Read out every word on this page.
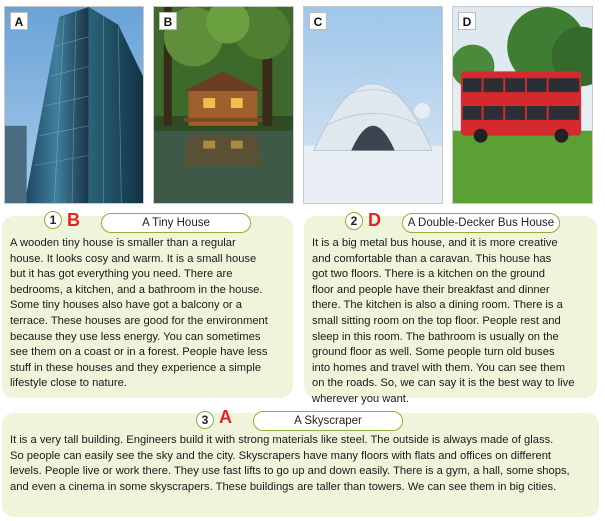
A	B	C	D
1 B	A Tiny House
A wooden tiny house is smaller than a regular
house. It looks cosy and warm. It is a small house
but it has got everything you need. There are
bedrooms, a kitchen, and a bathroom in the house.
Some tiny houses also have got a balcony or a
terrace. These houses are good for the environment
because they use less energy. You can sometimes
see them on a coast or in a forest. People have less
stuff in these houses and they experience a simple
lifestyle close to nature.
2 D	A Double-Decker Bus House
It is a big metal bus house, and it is more creative
and comfortable than a caravan. This house has
got two floors. There is a kitchen on the ground
floor and people have their breakfast and dinner
there. The kitchen is also a dining room. There is a
small sitting room on the top floor. People rest and
sleep in this room. The bathroom is usually on the
ground floor as well. Some people turn old buses
into homes and travel with them. You can see them
on the roads. So, we can say it is the best way to live
wherever you want.
3 A	A Skyscraper
It is a very tall building. Engineers build it with strong materials like steel. The outside is always made of glass.
So people can easily see the sky and the city. Skyscrapers have many floors with flats and offices on different
levels. People live or work there. They use fast lifts to go up and down easily. There is a gym, a hall, some shops,
and even a cinema in some skyscrapers. These buildings are taller than towers. We can see them in big cities.
